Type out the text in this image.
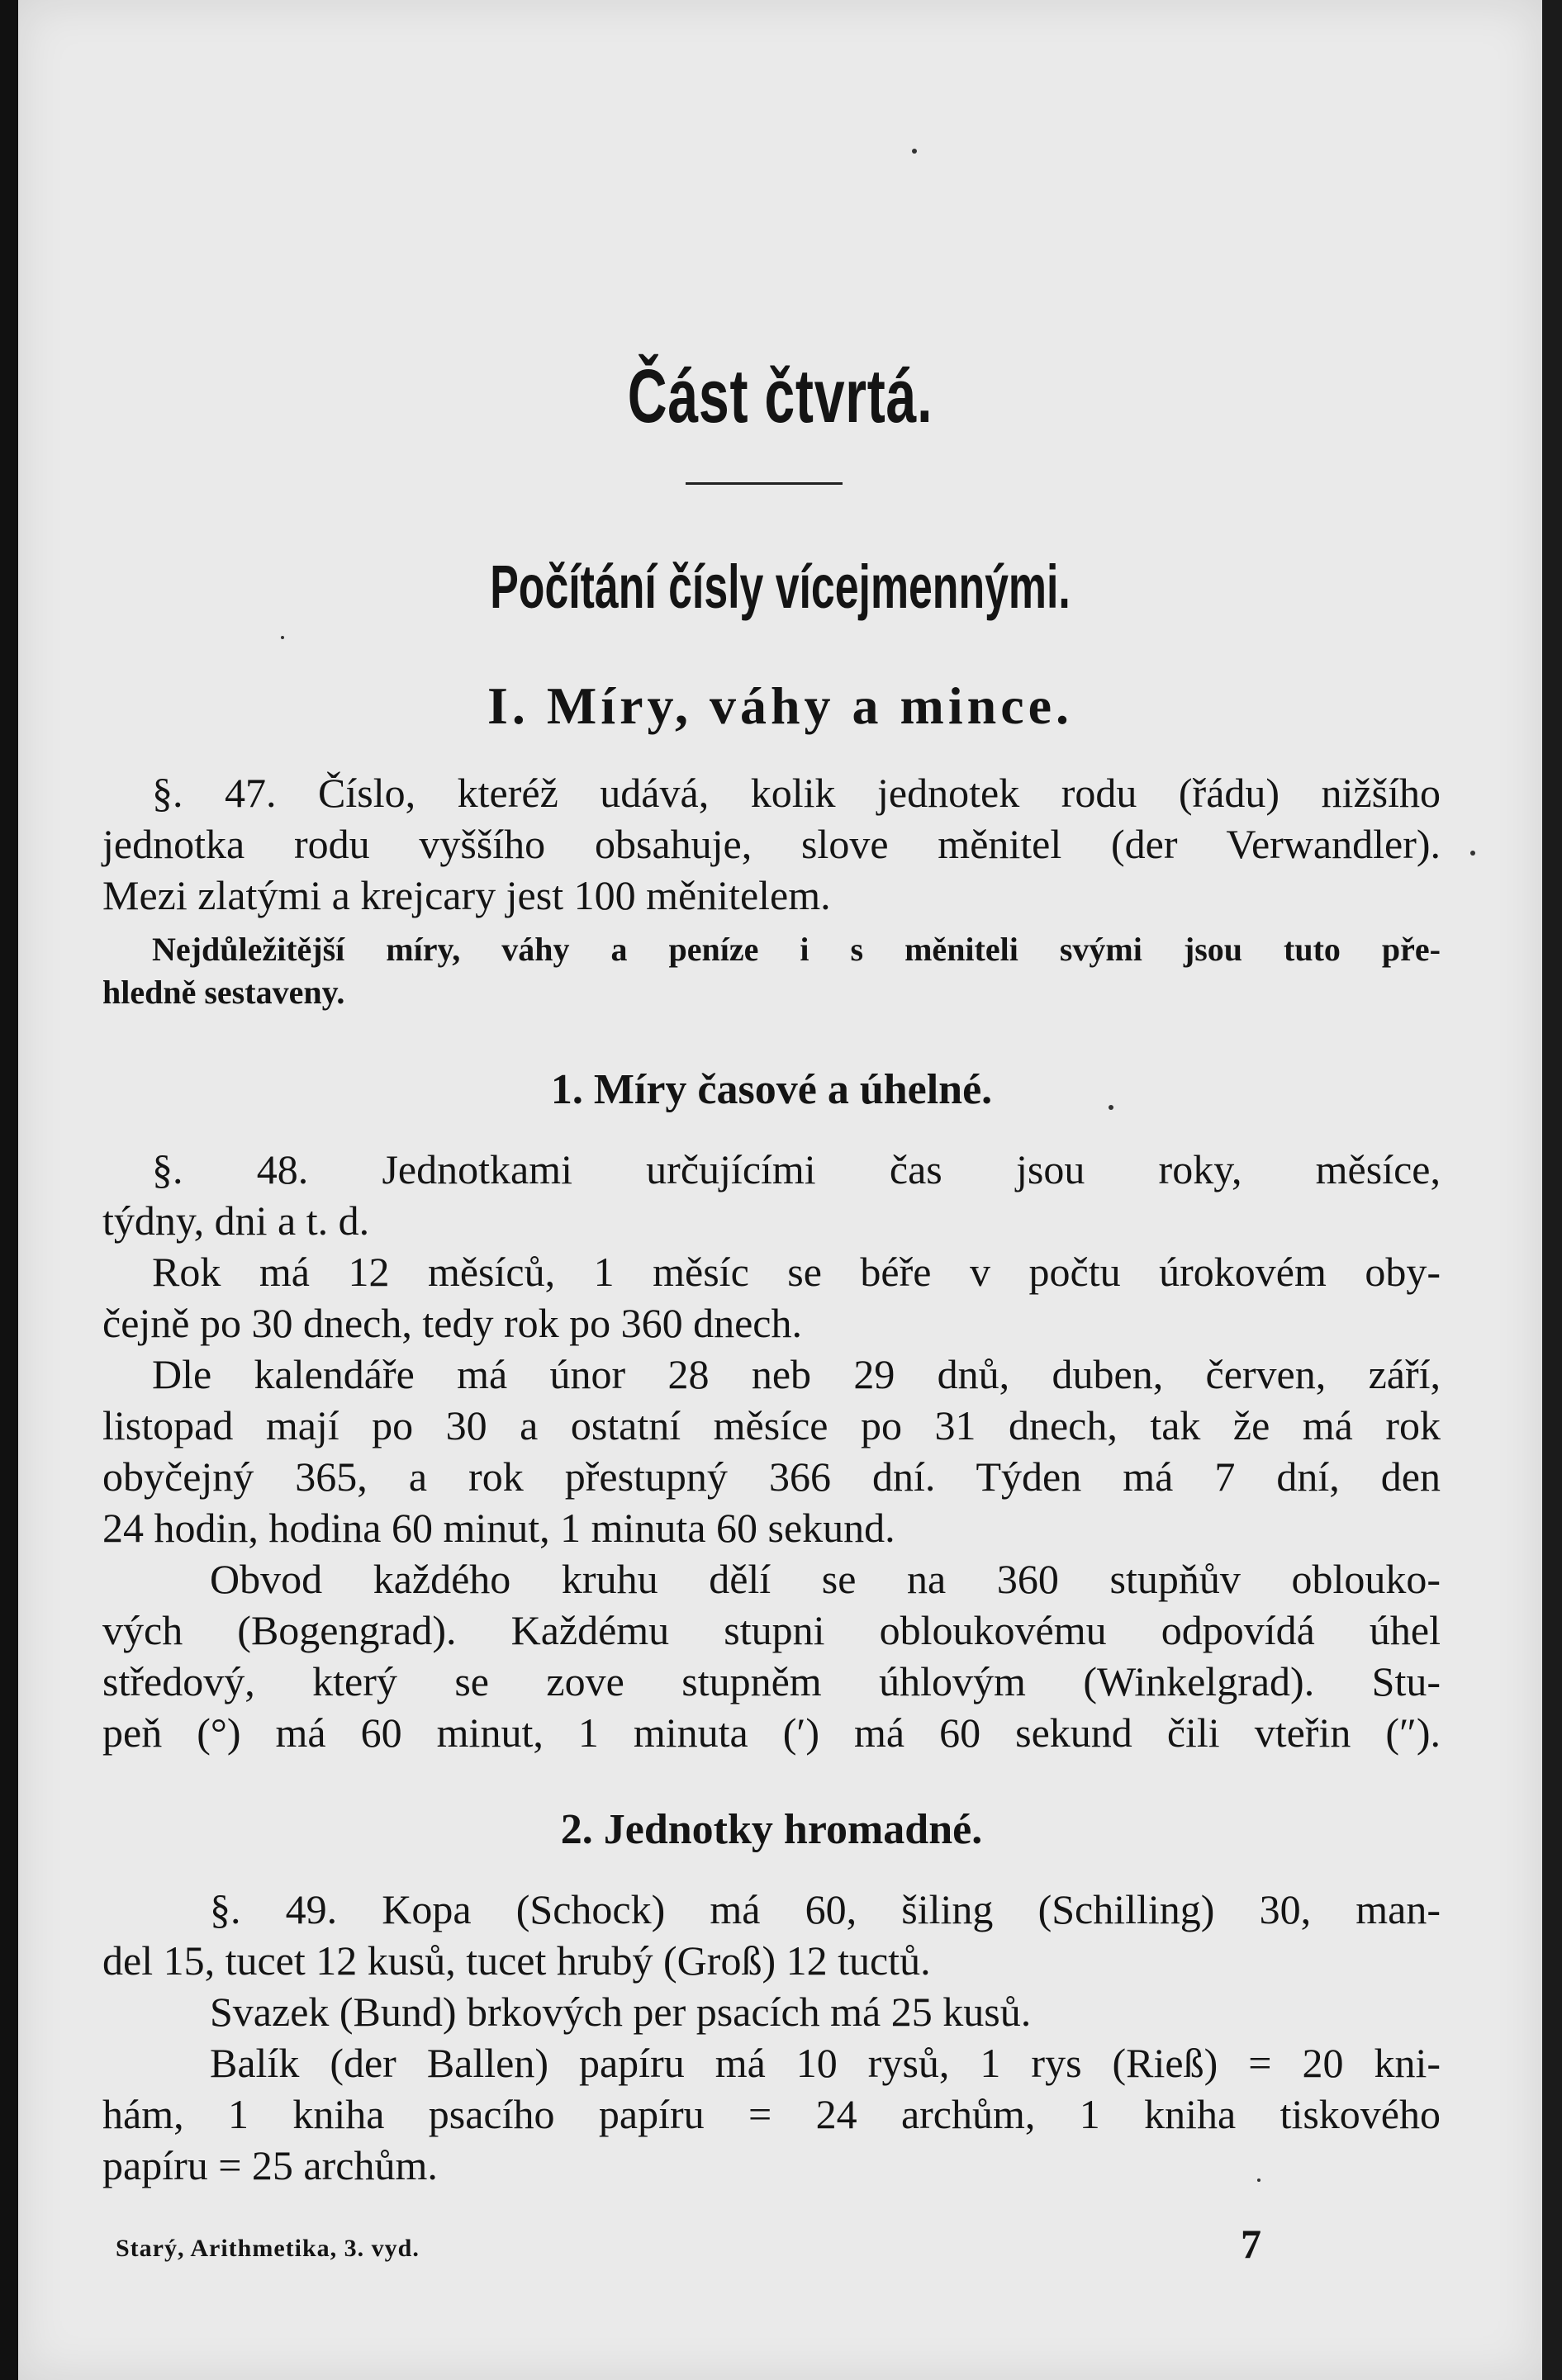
Část čtvrtá.
Počítání čísly vícejmennými.
I. Míry, váhy a mince.
§. 47. Číslo, kteréž udává, kolik jednotek rodu (řádu) nižšího
jednotka rodu vyššího obsahuje, slove měnitel (der Verwandler).
Mezi zlatými a krejcary jest 100 měnitelem.
Nejdůležitější míry, váhy a peníze i s měniteli svými jsou tuto pře-
hledně sestaveny.
1. Míry časové a úhelné.
§. 48. Jednotkami určujícími čas jsou roky, měsíce,
týdny, dni a t. d.
Rok má 12 měsíců, 1 měsíc se béře v počtu úrokovém oby-
čejně po 30 dnech, tedy rok po 360 dnech.
Dle kalendáře má únor 28 neb 29 dnů, duben, červen, září,
listopad mají po 30 a ostatní měsíce po 31 dnech, tak že má rok
obyčejný 365, a rok přestupný 366 dní. Týden má 7 dní, den
24 hodin, hodina 60 minut, 1 minuta 60 sekund.
Obvod každého kruhu dělí se na 360 stupňův oblouko-
vých (Bogengrad). Každému stupni obloukovému odpovídá úhel
středový, který se zove stupněm úhlovým (Winkelgrad). Stu-
peň (°) má 60 minut, 1 minuta (′) má 60 sekund čili vteřin (″).
2. Jednotky hromadné.
§. 49. Kopa (Schock) má 60, šiling (Schilling) 30, man-
del 15, tucet 12 kusů, tucet hrubý (Groß) 12 tuctů.
Svazek (Bund) brkových per psacích má 25 kusů.
Balík (der Ballen) papíru má 10 rysů, 1 rys (Rieß) = 20 kni-
hám, 1 kniha psacího papíru = 24 archům, 1 kniha tiskového
papíru = 25 archům.
Starý, Arithmetika, 3. vyd.	7
